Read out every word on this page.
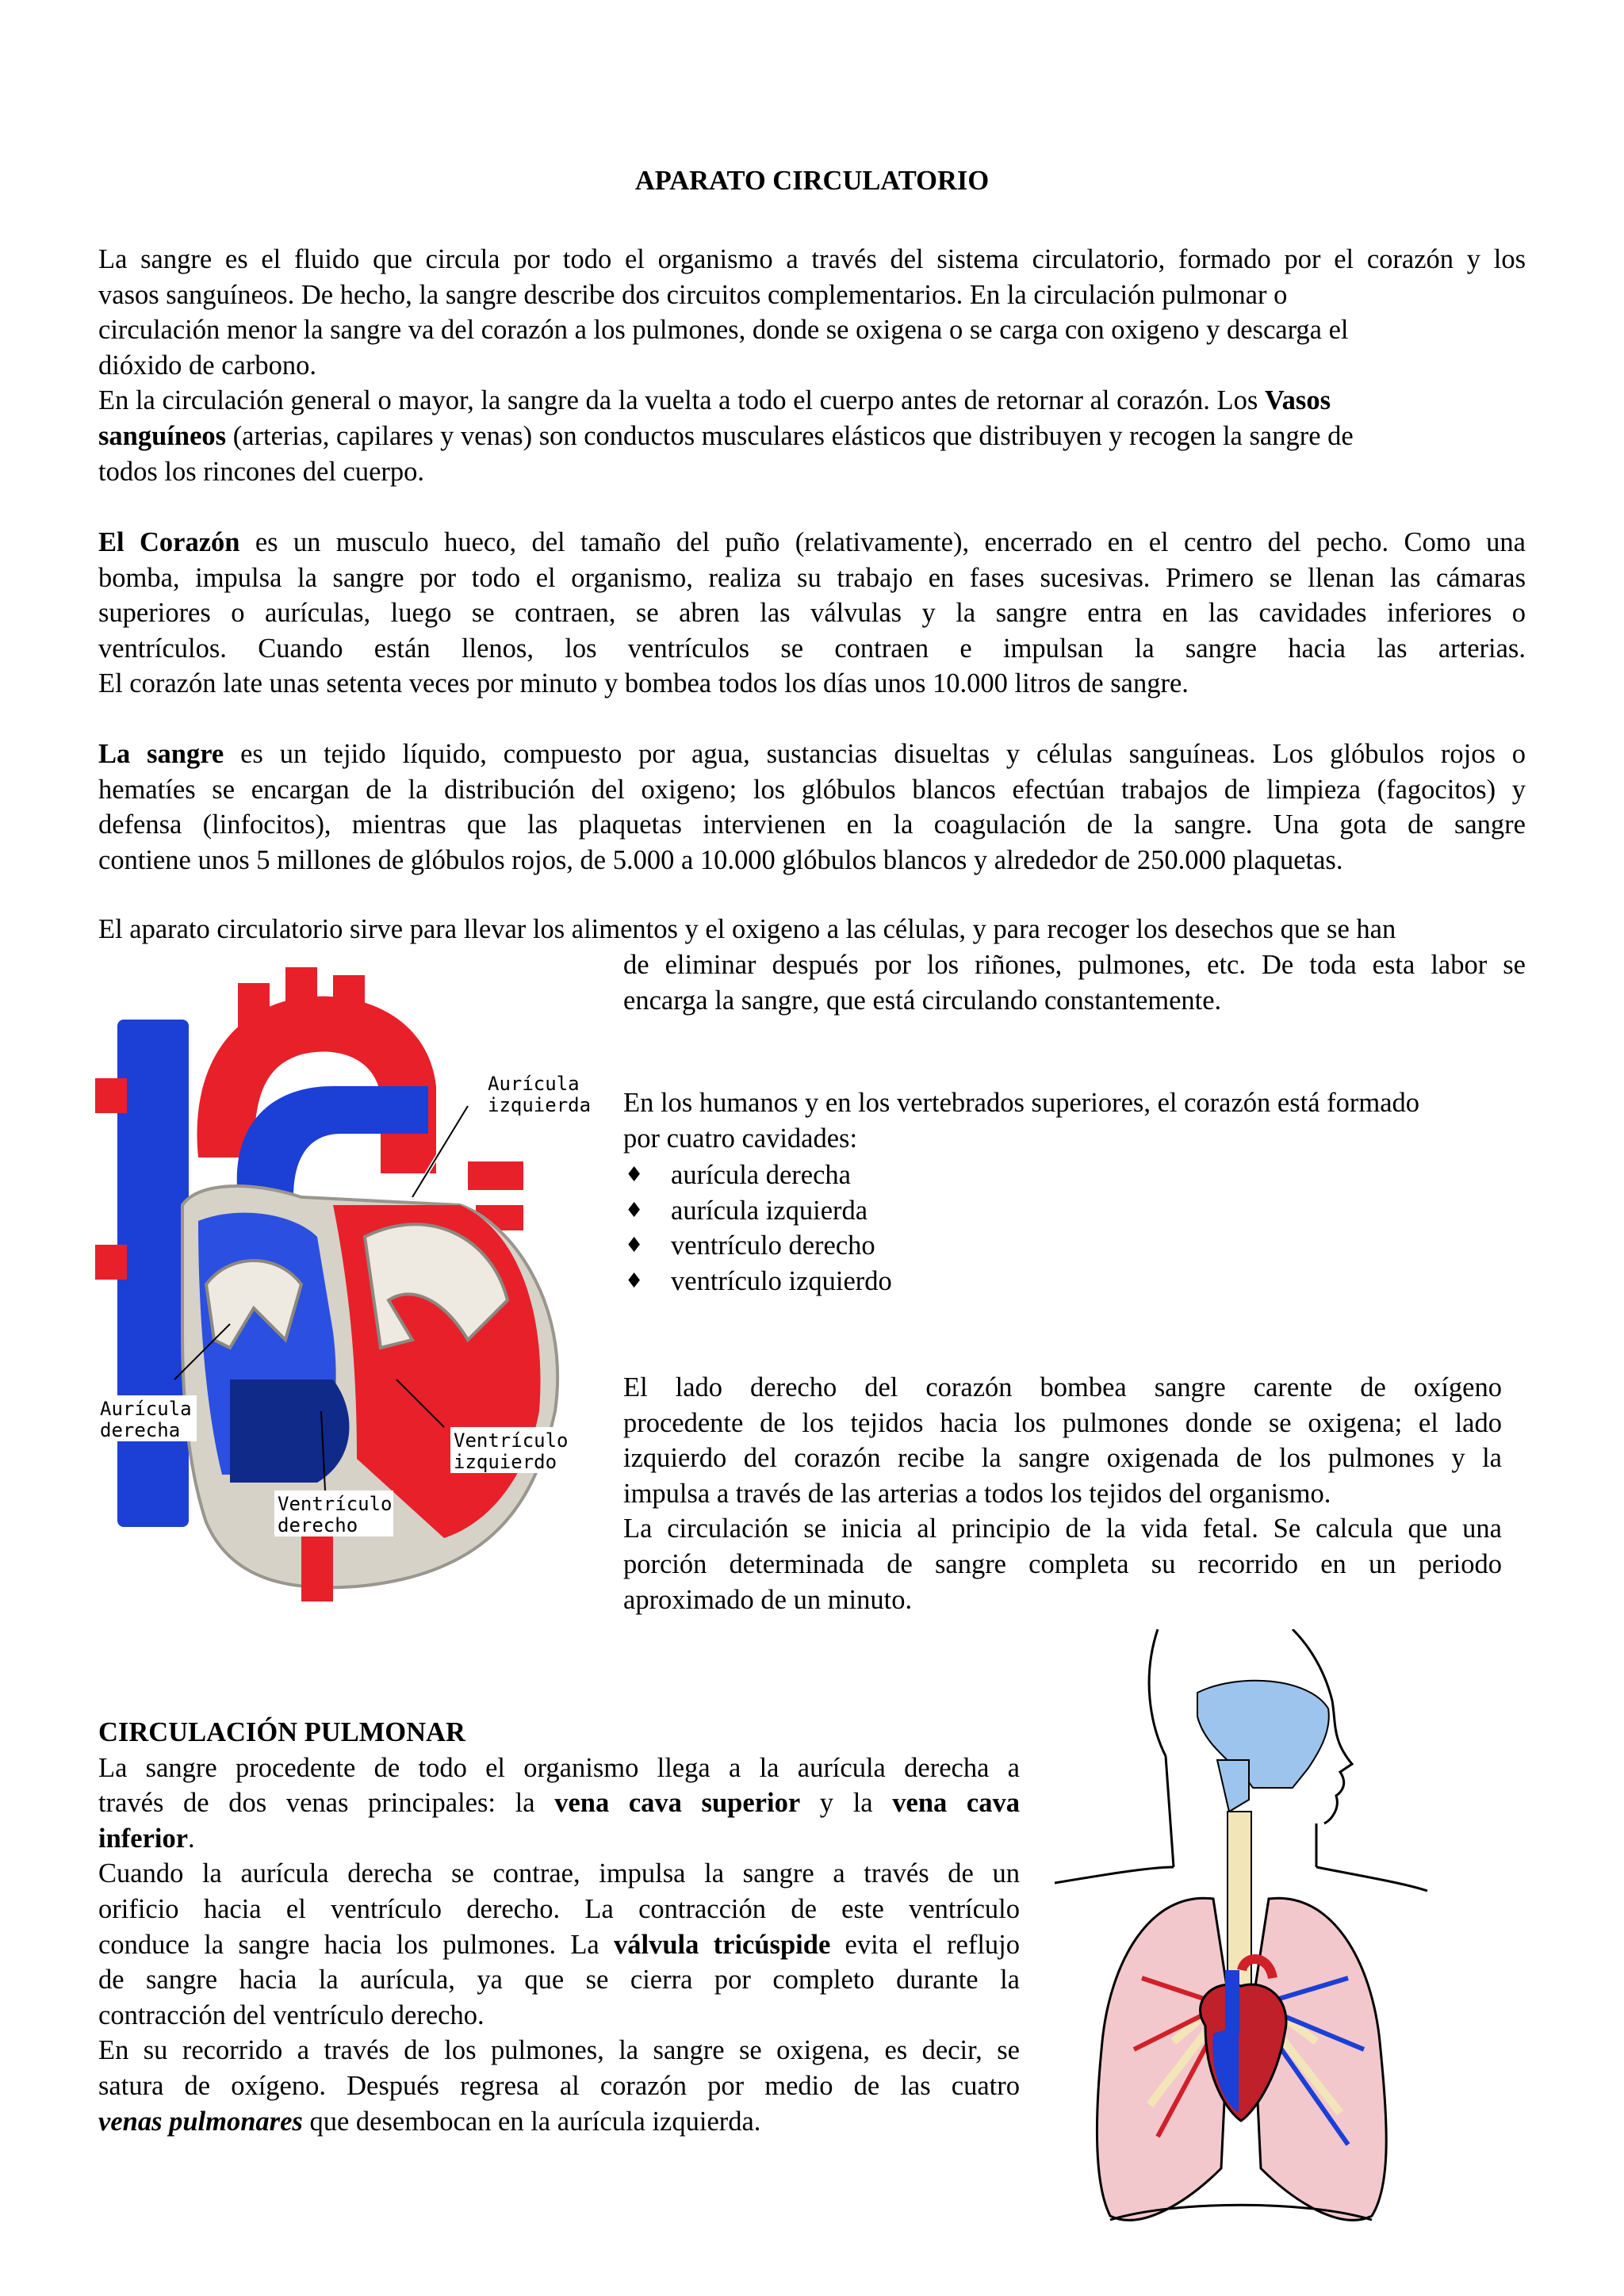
APARATO CIRCULATORIO
La sangre es el fluido que circula por todo el organismo a través del sistema circulatorio, formado por el corazón y los
vasos sanguíneos. De hecho, la sangre describe dos circuitos complementarios. En la circulación pulmonar o
circulación menor la sangre va del corazón a los pulmones, donde se oxigena o se carga con oxigeno y descarga el
dióxido de carbono.
En la circulación general o mayor, la sangre da la vuelta a todo el cuerpo antes de retornar al corazón. Los Vasos
sanguíneos (arterias, capilares y venas) son conductos musculares elásticos que distribuyen y recogen la sangre de
todos los rincones del cuerpo.
El Corazón es un musculo hueco, del tamaño del puño (relativamente), encerrado en el centro del pecho. Como una
bomba, impulsa la sangre por todo el organismo, realiza su trabajo en fases sucesivas. Primero se llenan las cámaras
superiores o aurículas, luego se contraen, se abren las válvulas y la sangre entra en las cavidades inferiores o
ventrículos. Cuando están llenos, los ventrículos se contraen e impulsan la sangre hacia las arterias.
El corazón late unas setenta veces por minuto y bombea todos los días unos 10.000 litros de sangre.
La sangre es un tejido líquido, compuesto por agua, sustancias disueltas y células sanguíneas. Los glóbulos rojos o
hematíes se encargan de la distribución del oxigeno; los glóbulos blancos efectúan trabajos de limpieza (fagocitos) y
defensa (linfocitos), mientras que las plaquetas intervienen en la coagulación de la sangre. Una gota de sangre
contiene unos 5 millones de glóbulos rojos, de 5.000 a 10.000 glóbulos blancos y alrededor de 250.000 plaquetas.
El aparato circulatorio sirve para llevar los alimentos y el oxigeno a las células, y para recoger los desechos que se han
de eliminar después por los riñones, pulmones, etc. De toda esta labor se
encarga la sangre, que está circulando constantemente.
Aurícula
izquierda
Aurícula
derecha	Ventrículo
izquierdo
Ventrículo
derecho
En los humanos y en los vertebrados superiores, el corazón está formado
por cuatro cavidades:
♦ aurícula derecha
♦ aurícula izquierda
♦ ventrículo derecho
♦ ventrículo izquierdo
El lado derecho del corazón bombea sangre carente de oxígeno
procedente de los tejidos hacia los pulmones donde se oxigena; el lado
izquierdo del corazón recibe la sangre oxigenada de los pulmones y la
impulsa a través de las arterias a todos los tejidos del organismo.
La circulación se inicia al principio de la vida fetal. Se calcula que una
porción determinada de sangre completa su recorrido en un periodo
aproximado de un minuto.
CIRCULACIÓN PULMONAR
La sangre procedente de todo el organismo llega a la aurícula derecha a
través de dos venas principales: la vena cava superior y la vena cava
inferior.
Cuando la aurícula derecha se contrae, impulsa la sangre a través de un
orificio hacia el ventrículo derecho. La contracción de este ventrículo
conduce la sangre hacia los pulmones. La válvula tricúspide evita el reflujo
de sangre hacia la aurícula, ya que se cierra por completo durante la
contracción del ventrículo derecho.
En su recorrido a través de los pulmones, la sangre se oxigena, es decir, se
satura de oxígeno. Después regresa al corazón por medio de las cuatro
venas pulmonares que desembocan en la aurícula izquierda.
